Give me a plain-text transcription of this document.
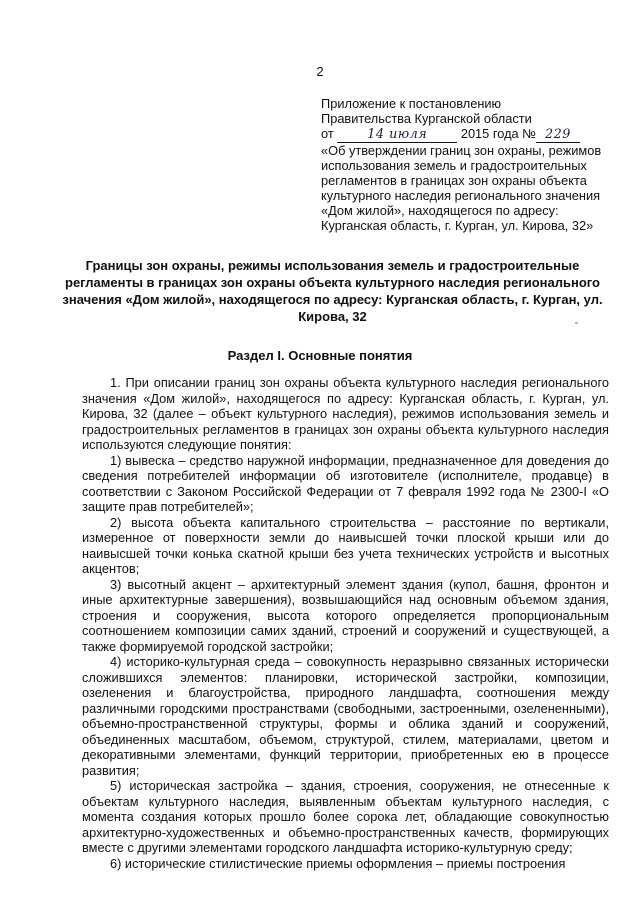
2
Приложение к постановлению
Правительства Курганской области
от	14 июля	2015 года № 229
«Об утверждении границ зон охраны, режимов
использования земель и градостроительных
регламентов в границах зон охраны объекта
культурного наследия регионального значения
«Дом жилой», находящегося по адресу:
Курганская область, г. Курган, ул. Кирова, 32»
Границы зон охраны, режимы использования земель и градостроительные регламенты в границах зон охраны объекта культурного наследия регионального значения «Дом жилой», находящегося по адресу: Курганская область, г. Курган, ул. Кирова, 32
Раздел I. Основные понятия

1. При описании границ зон охраны объекта культурного наследия регионального значения «Дом жилой», находящегося по адресу: Курганская область, г. Курган, ул. Кирова, 32 (далее – объект культурного наследия), режимов использования земель и градостроительных регламентов в границах зон охраны объекта культурного наследия используются следующие понятия:

1) вывеска – средство наружной информации, предназначенное для доведения до сведения потребителей информации об изготовителе (исполнителе, продавце) в соответствии с Законом Российской Федерации от 7 февраля 1992 года № 2300-I «О защите прав потребителей»;

2) высота объекта капитального строительства – расстояние по вертикали, измеренное от поверхности земли до наивысшей точки плоской крыши или до наивысшей точки конька скатной крыши без учета технических устройств и высотных акцентов;

3) высотный акцент – архитектурный элемент здания (купол, башня, фронтон и иные архитектурные завершения), возвышающийся над основным объемом здания, строения и сооружения, высота которого определяется пропорциональным соотношением композиции самих зданий, строений и сооружений и существующей, а также формируемой городской застройки;

4) историко-культурная среда – совокупность неразрывно связанных исторически сложившихся элементов: планировки, исторической застройки, композиции, озеленения и благоустройства, природного ландшафта, соотношения между различными городскими пространствами (свободными, застроенными, озелененными), объемно-пространственной структуры, формы и облика зданий и сооружений, объединенных масштабом, объемом, структурой, стилем, материалами, цветом и декоративными элементами, функций территории, приобретенных ею в процессе развития;

5) историческая застройка – здания, строения, сооружения, не отнесенные к объектам культурного наследия, выявленным объектам культурного наследия, с момента создания которых прошло более сорока лет, обладающие совокупностью архитектурно-художественных и объемно-пространственных качеств, формирующих вместе с другими элементами городского ландшафта историко-культурную среду;

6) исторические стилистические приемы оформления – приемы построения
